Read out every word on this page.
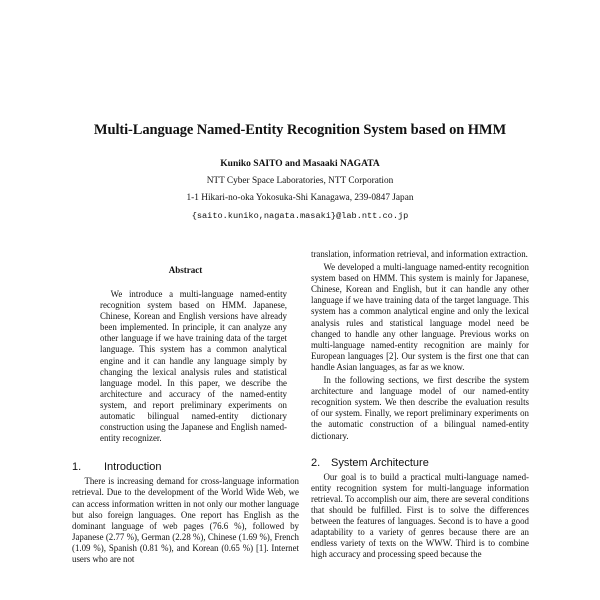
Multi-Language Named-Entity Recognition System based on HMM
Kuniko SAITO and Masaaki NAGATA
NTT Cyber Space Laboratories, NTT Corporation
1-1 Hikari-no-oka Yokosuka-Shi Kanagawa, 239-0847 Japan
{saito.kuniko,nagata.masaki}@lab.ntt.co.jp
Abstract

We introduce a multi-language named-entity recognition system based on HMM. Japanese, Chinese, Korean and English versions have already been implemented. In principle, it can analyze any other language if we have training data of the target language. This system has a common analytical engine and it can handle any language simply by changing the lexical analysis rules and statistical language model. In this paper, we describe the architecture and accuracy of the named-entity system, and report preliminary experiments on automatic bilingual named-entity dictionary construction using the Japanese and English named-entity recognizer.

1. Introduction

There is increasing demand for cross-language information retrieval. Due to the development of the World Wide Web, we can access information written in not only our mother language but also foreign languages. One report has English as the dominant language of web pages (76.6 %), followed by Japanese (2.77 %), German (2.28 %), Chinese (1.69 %), French (1.09 %), Spanish (0.81 %), and Korean (0.65 %) [1]. Internet users who are not

translation, information retrieval, and information extraction.

We developed a multi-language named-entity recognition system based on HMM. This system is mainly for Japanese, Chinese, Korean and English, but it can handle any other language if we have training data of the target language. This system has a common analytical engine and only the lexical analysis rules and statistical language model need be changed to handle any other language. Previous works on multi-language named-entity recognition are mainly for European languages [2]. Our system is the first one that can handle Asian languages, as far as we know.

In the following sections, we first describe the system architecture and language model of our named-entity recognition system. We then describe the evaluation results of our system. Finally, we report preliminary experiments on the automatic construction of a bilingual named-entity dictionary.

2. System Architecture

Our goal is to build a practical multi-language named-entity recognition system for multi-language information retrieval. To accomplish our aim, there are several conditions that should be fulfilled. First is to solve the differences between the features of languages. Second is to have a good adaptability to a variety of genres because there are an endless variety of texts on the WWW. Third is to combine high accuracy and processing speed because the
